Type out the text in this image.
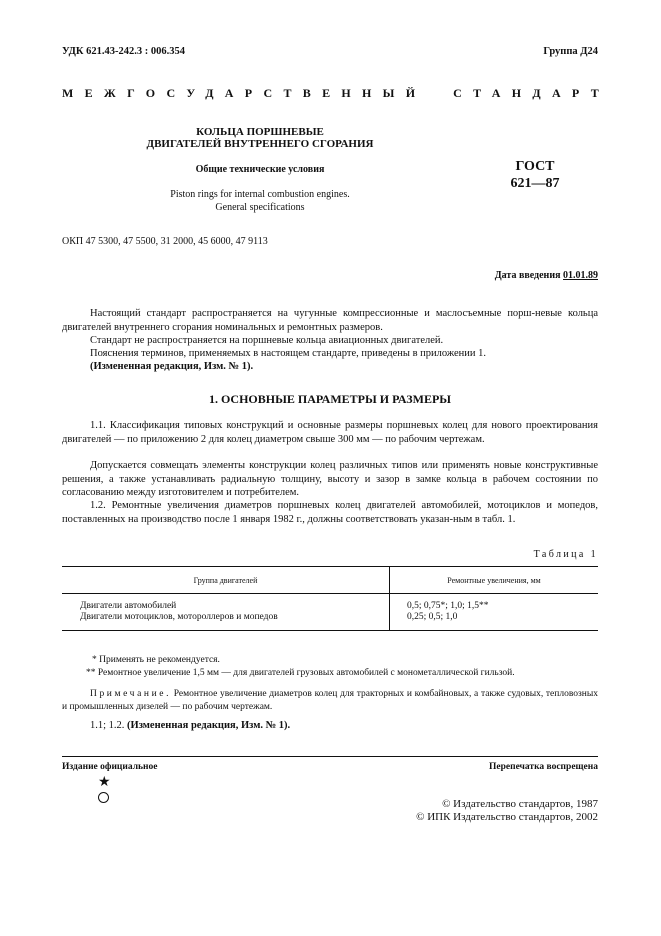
УДК 621.43-242.3 : 006.354	Группа Д24
МЕЖГОСУДАРСТВЕННЫЙ СТАНДАРТ
КОЛЬЦА ПОРШНЕВЫЕ
ДВИГАТЕЛЕЙ ВНУТРЕННЕГО СГОРАНИЯ
Общие технические условия
Piston rings for internal combustion engines.
General specifications
ГОСТ
621—87
ОКП 47 5300, 47 5500, 31 2000, 45 6000, 47 9113
Дата введения 01.01.89
Настоящий стандарт распространяется на чугунные компрессионные и маслосъемные порш-невые кольца двигателей внутреннего сгорания номинальных и ремонтных размеров.
Стандарт не распространяется на поршневые кольца авиационных двигателей.
Пояснения терминов, применяемых в настоящем стандарте, приведены в приложении 1.
(Измененная редакция, Изм. № 1).
1. ОСНОВНЫЕ ПАРАМЕТРЫ И РАЗМЕРЫ
1.1. Классификация типовых конструкций и основные размеры поршневых колец для нового проектирования двигателей — по приложению 2 для колец диаметром свыше 300 мм — по рабочим чертежам.
Допускается совмещать элементы конструкции колец различных типов или применять новые конструктивные решения, а также устанавливать радиальную толщину, высоту и зазор в замке кольца в рабочем состоянии по согласованию между изготовителем и потребителем.
1.2. Ремонтные увеличения диаметров поршневых колец двигателей автомобилей, мотоциклов и мопедов, поставленных на производство после 1 января 1982 г., должны соответствовать указан-ным в табл. 1.
Таблица 1
Группа двигателей	Ремонтные увеличения, мм
Двигатели автомобилей	0,5; 0,75*; 1,0; 1,5**
Двигатели мотоциклов, мотороллеров и мопедов	0,25; 0,5; 1,0
* Применять не рекомендуется.
** Ремонтное увеличение 1,5 мм — для двигателей грузовых автомобилей с монометаллической гильзой.
Примечание. Ремонтное увеличение диаметров колец для тракторных и комбайновых, а также судовых, тепловозных и промышленных дизелей — по рабочим чертежам.
1.1; 1.2. (Измененная редакция, Изм. № 1).
Издание официальное	Перепечатка воспрещена
★
© Издательство стандартов, 1987
© ИПК Издательство стандартов, 2002
